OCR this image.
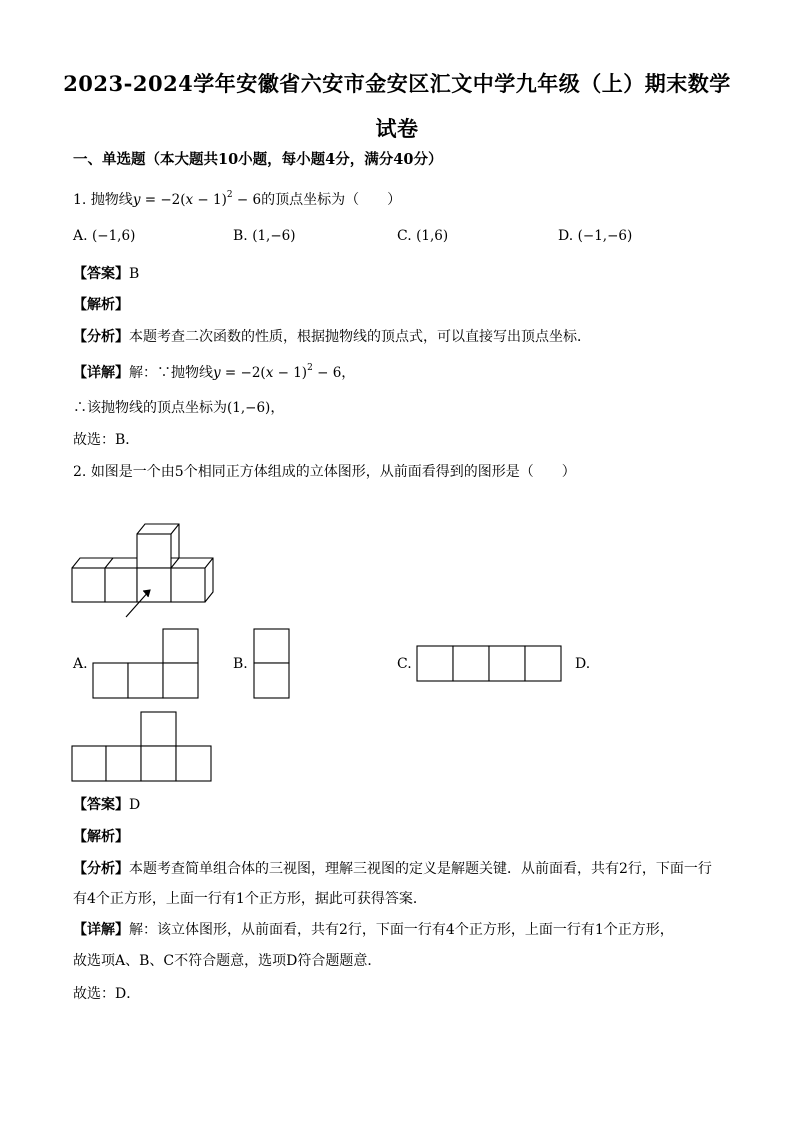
2023-2024学年安徽省六安市金安区汇文中学九年级（上）期末数学
试卷
一、单选题（本大题共10小题，每小题4分，满分40分）
1. 抛物线$y = -2(x - 1)^2 - 6$的顶点坐标为（　　）
A. (−1,6)	B. (1,−6)	C. (1,6)	D. (−1,−6)
【答案】B
【解析】
【分析】本题考查二次函数的性质，根据抛物线的顶点式，可以直接写出顶点坐标．
【详解】解：∵抛物线$y = -2(x - 1)^2 - 6$，
∴该抛物线的顶点坐标为(1,−6)，
故选：B．
2. 如图是一个由5个相同正方体组成的立体图形，从前面看得到的图形是（　　）
A.	B.	C.	D.
【答案】D
【解析】
【分析】本题考查简单组合体的三视图，理解三视图的定义是解题关键．从前面看，共有2行，下面一行
有4个正方形，上面一行有1个正方形，据此可获得答案．
【详解】解：该立体图形，从前面看，共有2行，下面一行有4个正方形，上面一行有1个正方形，
故选项A、B、C不符合题意，选项D符合题题意．
故选：D．
